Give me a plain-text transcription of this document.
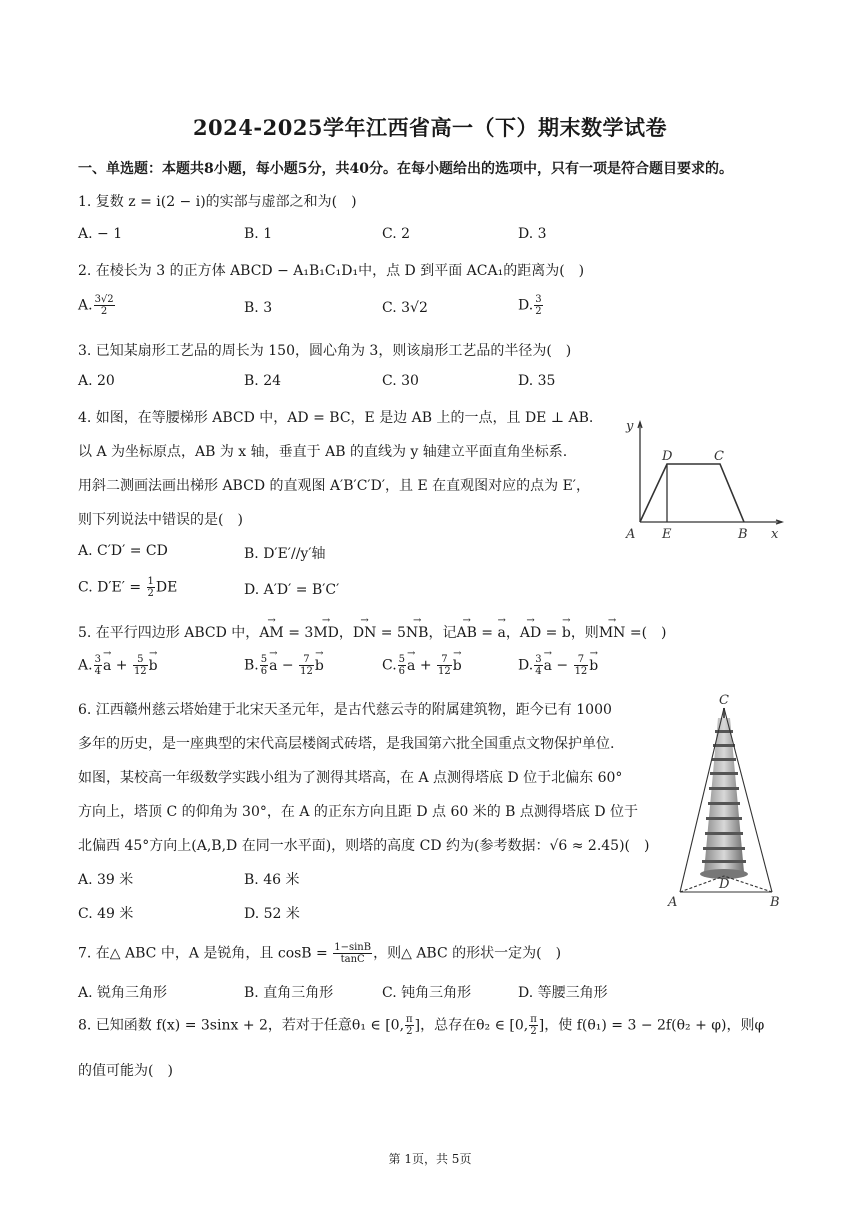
2024-2025学年江西省高一（下）期末数学试卷
一、单选题：本题共8小题，每小题5分，共40分。在每小题给出的选项中，只有一项是符合题目要求的。
1. 复数 z = i(2 − i)的实部与虚部之和为(　)
A. − 1	B. 1	C. 2	D. 3
2. 在棱长为 3 的正方体 ABCD − A₁B₁C₁D₁中，点 D 到平面 ACA₁的距离为(　)
A. $\frac{3√2}{2}$	B. 3	C. 3√2	D. $\frac{3}{2}$
3. 已知某扇形工艺品的周长为 150，圆心角为 3，则该扇形工艺品的半径为(　)
A. 20	B. 24	C. 30	D. 35
4. 如图，在等腰梯形 ABCD 中，AD = BC，E 是边 AB 上的一点，且 DE ⊥ AB.
以 A 为坐标原点，AB 为 x 轴，垂直于 AB 的直线为 y 轴建立平面直角坐标系.
用斜二测画法画出梯形 ABCD 的直观图 A′B′C′D′，且 E 在直观图对应的点为 E′，
则下列说法中错误的是(　)
A. C′D′ = CD	B. D′E′//y′轴
C. $D'E' = \frac{1}{2}$ DE	D. A′D′ = B′C′
y
x
A E	B
D	C
5. 在平行四边形 ABCD 中，→ AM = 3→ MD，→ DN = 5→ NB，记→ AB = → a，→ AD = → b，则→ MN =(　)
A. $\frac{3}{4}$
→ $a + \frac{5}{12}$
→ b	B. $\frac{5}{6}$
→ $a - \frac{7}{12}$
→ b	C. $\frac{5}{6}$
→ $a + \frac{7}{12}$
→ b	D. $\frac{3}{4}$
→ $a - \frac{7}{12}$
→ b
6. 江西赣州慈云塔始建于北宋天圣元年，是古代慈云寺的附属建筑物，距今已有 1000
多年的历史，是一座典型的宋代高层楼阁式砖塔，是我国第六批全国重点文物保护单位.
如图，某校高一年级数学实践小组为了测得其塔高，在 A 点测得塔底 D 位于北偏东 60°
方向上，塔顶 C 的仰角为 30°，在 A 的正东方向且距 D 点 60 米的 B 点测得塔底 D 位于
北偏西 45°方向上(A,B,D 在同一水平面)，则塔的高度 CD 约为(参考数据：√6 ≈ 2.45)(　)
A. 39 米	B. 46 米
C. 49 米	D. 52 米
C
D
A	B
7. 在△ ABC 中，A 是锐角，且 $\cos B = \frac{1-\sin B}{\tan C}$ ，则△ ABC 的形状一定为(　)
A. 锐角三角形	B. 直角三角形	C. 钝角三角形	D. 等腰三角形
8. 已知函数 f(x) = 3sinx + 2，若对于任意θ₁ ∈ [0, $\frac{\pi}{2}$ ]，总存在θ₂ ∈ [0, $\frac{\pi}{2}$ ]，使 f(θ₁) = 3 − 2f(θ₂ + φ)，则φ
的值可能为(　)
第 1页，共 5页
